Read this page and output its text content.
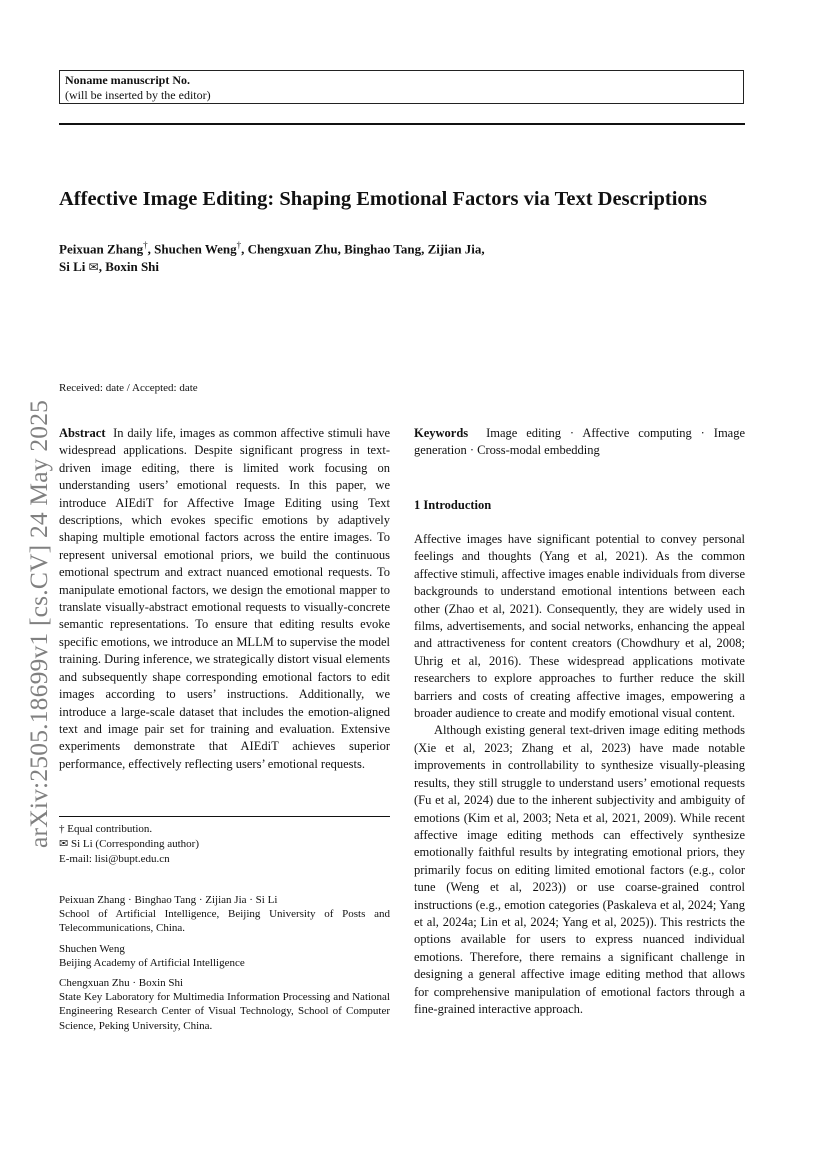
Noname manuscript No.
(will be inserted by the editor)
Affective Image Editing: Shaping Emotional Factors via Text Descriptions
Peixuan Zhang†, Shuchen Weng†, Chengxuan Zhu, Binghao Tang, Zijian Jia,
Si Li ✉, Boxin Shi
arXiv:2505.18699v1 [cs.CV] 24 May 2025
Received: date / Accepted: date
Abstract In daily life, images as common affective stimuli have widespread applications. Despite significant progress in text-driven image editing, there is limited work focusing on understanding users’ emotional requests. In this paper, we introduce AIEdiT for Affective Image Editing using Text descriptions, which evokes specific emotions by adaptively shaping multiple emotional factors across the entire images. To represent universal emotional priors, we build the continuous emotional spectrum and extract nuanced emotional requests. To manipulate emotional factors, we design the emotional mapper to translate visually-abstract emotional requests to visually-concrete semantic representations. To ensure that editing results evoke specific emotions, we introduce an MLLM to supervise the model training. During inference, we strategically distort visual elements and subsequently shape corresponding emotional factors to edit images according to users’ instructions. Additionally, we introduce a large-scale dataset that includes the emotion-aligned text and image pair set for training and evaluation. Extensive experiments demonstrate that AIEdiT achieves superior performance, effectively reflecting users’ emotional requests.
Keywords Image editing · Affective computing · Image generation · Cross-modal embedding
1 Introduction

Affective images have significant potential to convey personal feelings and thoughts (Yang et al, 2021). As the common affective stimuli, affective images enable individuals from diverse backgrounds to understand emotional intentions between each other (Zhao et al, 2021). Consequently, they are widely used in films, advertisements, and social networks, enhancing the appeal and attractiveness for content creators (Chowdhury et al, 2008; Uhrig et al, 2016). These widespread applications motivate researchers to explore approaches to further reduce the skill barriers and costs of creating affective images, empowering a broader audience to create and modify emotional visual content.

Although existing general text-driven image editing methods (Xie et al, 2023; Zhang et al, 2023) have made notable improvements in controllability to synthesize visually-pleasing results, they still struggle to understand users’ emotional requests (Fu et al, 2024) due to the inherent subjectivity and ambiguity of emotions (Kim et al, 2003; Neta et al, 2021, 2009). While recent affective image editing methods can effectively synthesize emotionally faithful results by integrating emotional priors, they primarily focus on editing limited emotional factors (e.g., color tune (Weng et al, 2023)) or use coarse-grained control instructions (e.g., emotion categories (Paskaleva et al, 2024; Yang et al, 2024a; Lin et al, 2024; Yang et al, 2025)). This restricts the options available for users to express nuanced individual emotions. Therefore, there remains a significant challenge in designing a general affective image editing method that allows for comprehensive manipulation of emotional factors through a fine-grained interactive approach.

† Equal contribution.
✉ Si Li (Corresponding author)
E-mail: lisi@bupt.edu.cn
Peixuan Zhang · Binghao Tang · Zijian Jia · Si Li
School of Artificial Intelligence, Beijing University of Posts and Telecommunications, China.
Shuchen Weng
Beijing Academy of Artificial Intelligence
Chengxuan Zhu · Boxin Shi
State Key Laboratory for Multimedia Information Processing and National Engineering Research Center of Visual Technology, School of Computer Science, Peking University, China.
